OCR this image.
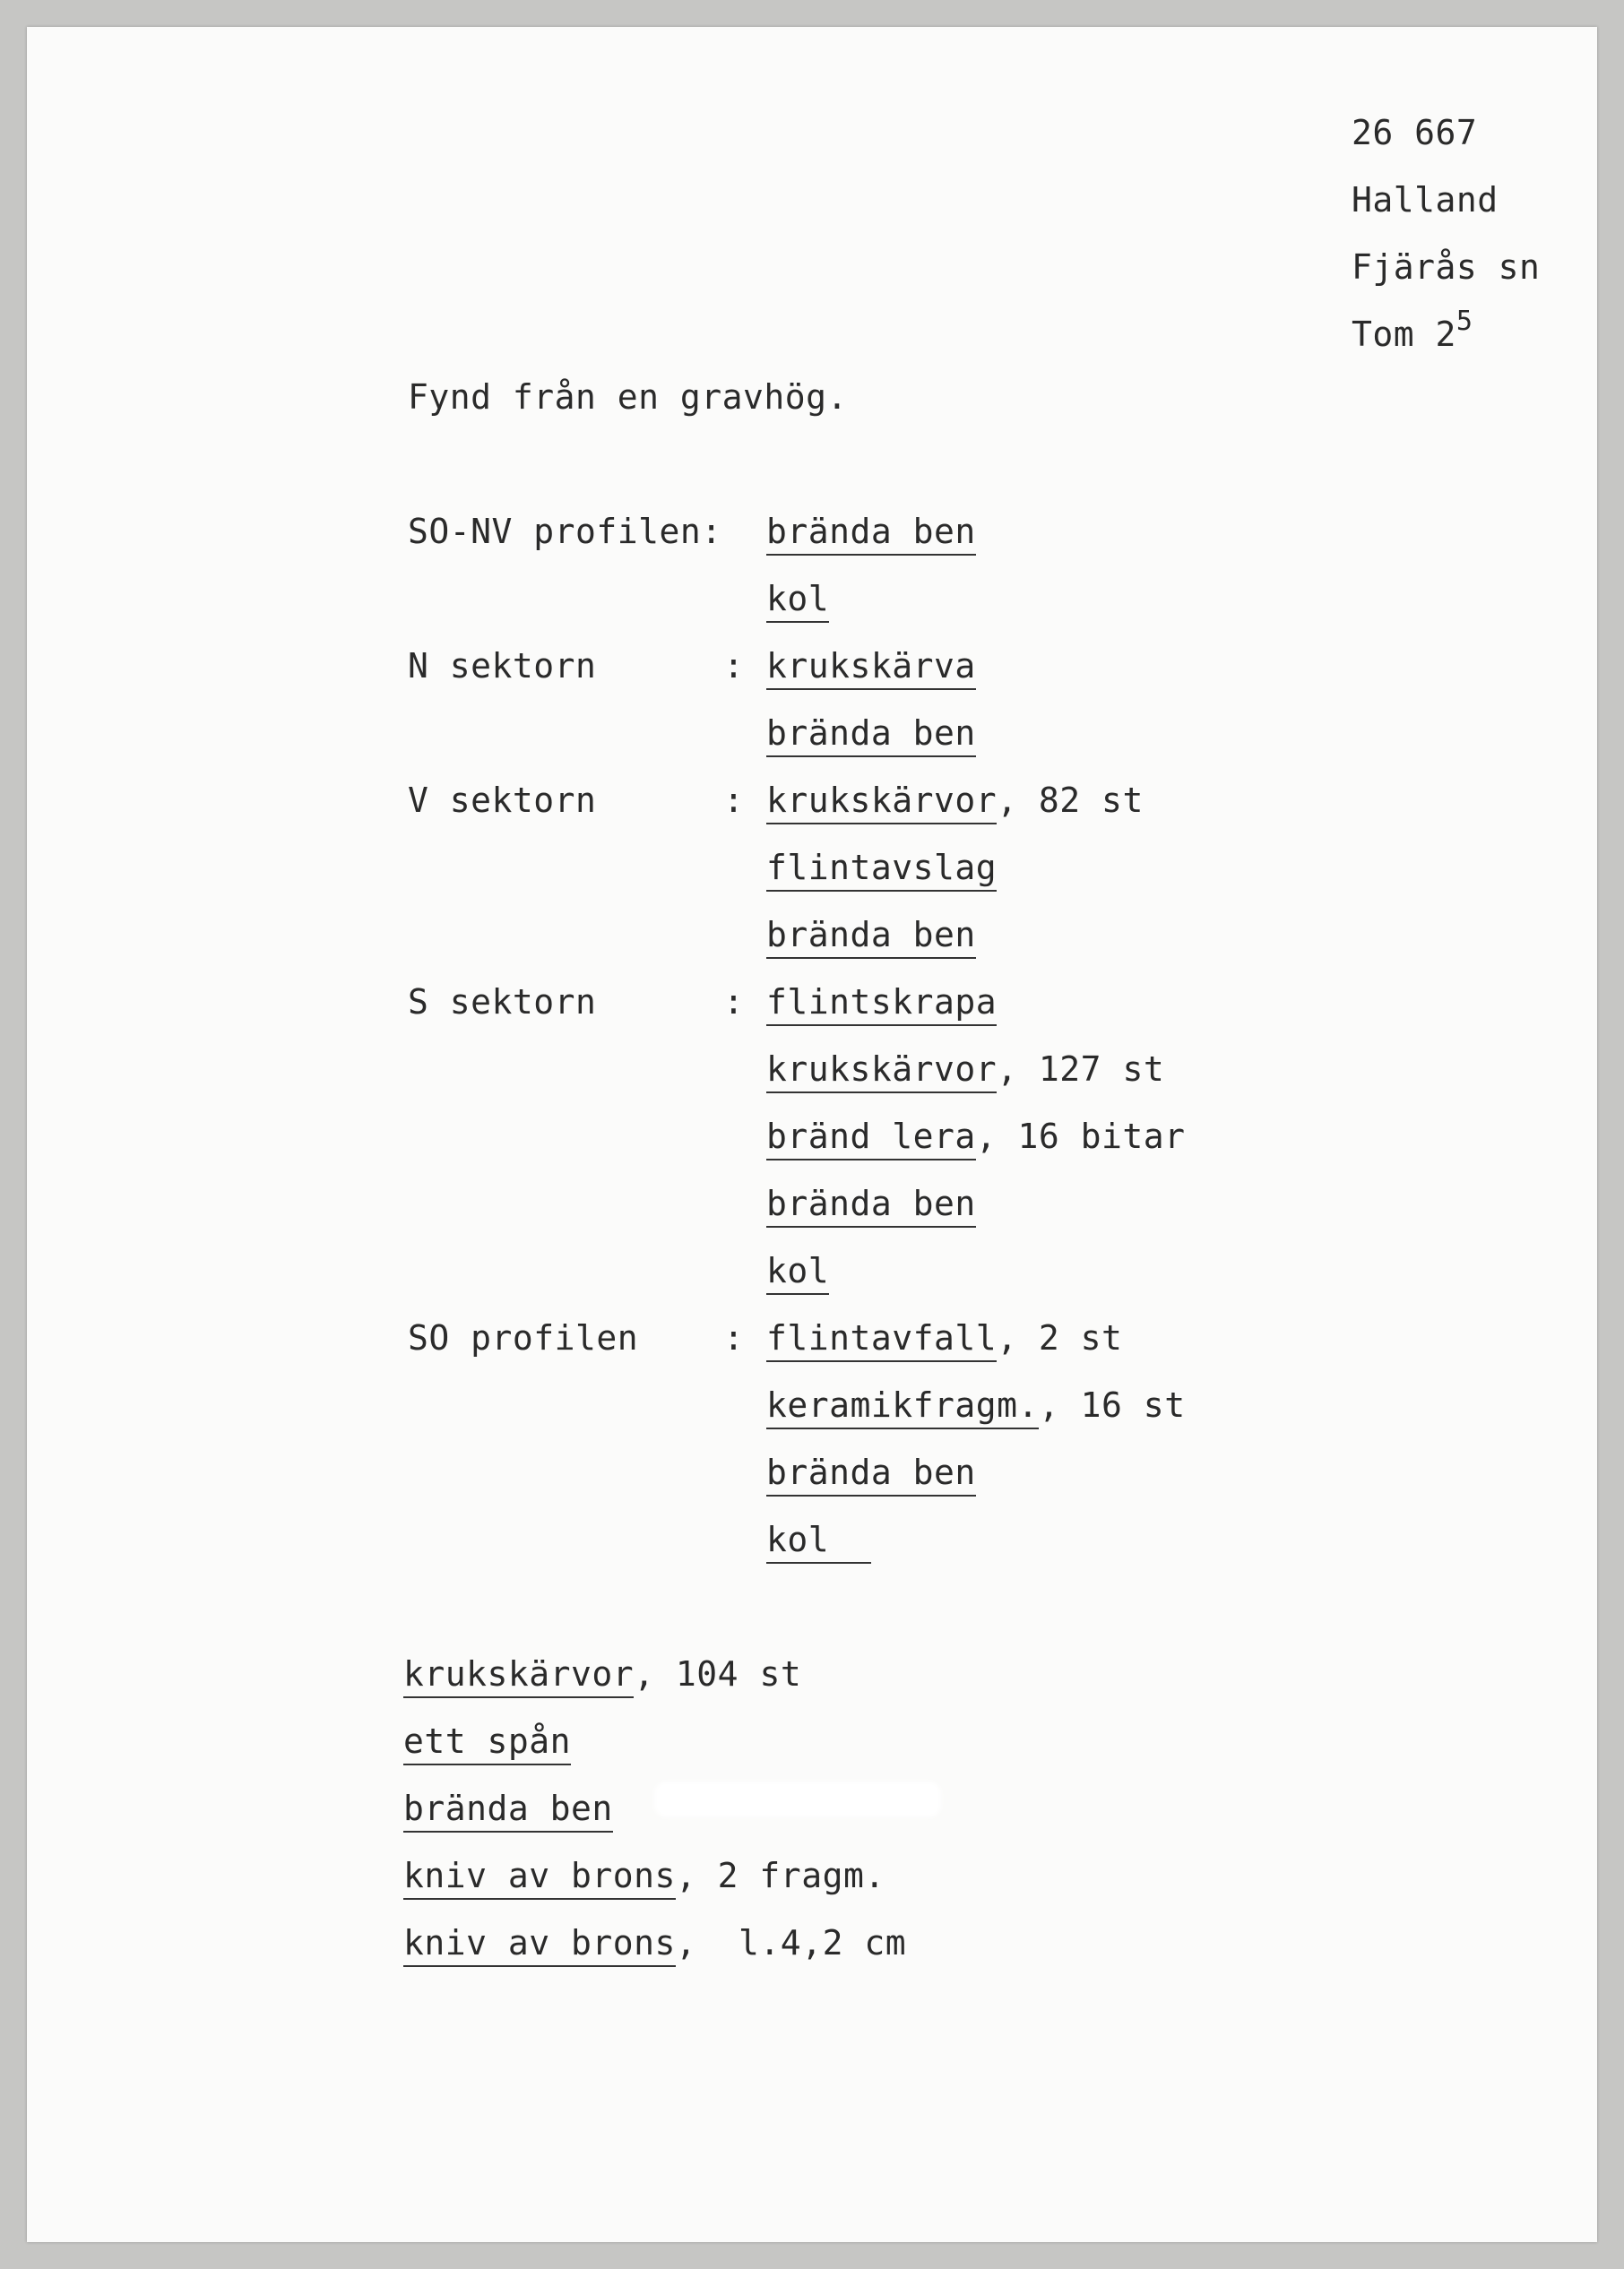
26 667
Halland
Fjärås sn
Tom $2^5$
Fynd från en gravhög.
SO-NV profilen: brända ben
kol
N sektorn	: krukskärva
brända ben
V sektorn	: krukskärvor, 82 st
flintavslag
brända ben
S sektorn	: flintskrapa
krukskärvor, 127 st
bränd lera, 16 bitar
brända ben
kol
SO profilen : flintavfall, 2 st
keramikfragm., 16 st
brända ben
kol
krukskärvor, 104 st
ett spån
brända ben
kniv av brons, 2 fragm.
kniv av brons,  l.4,2 cm
